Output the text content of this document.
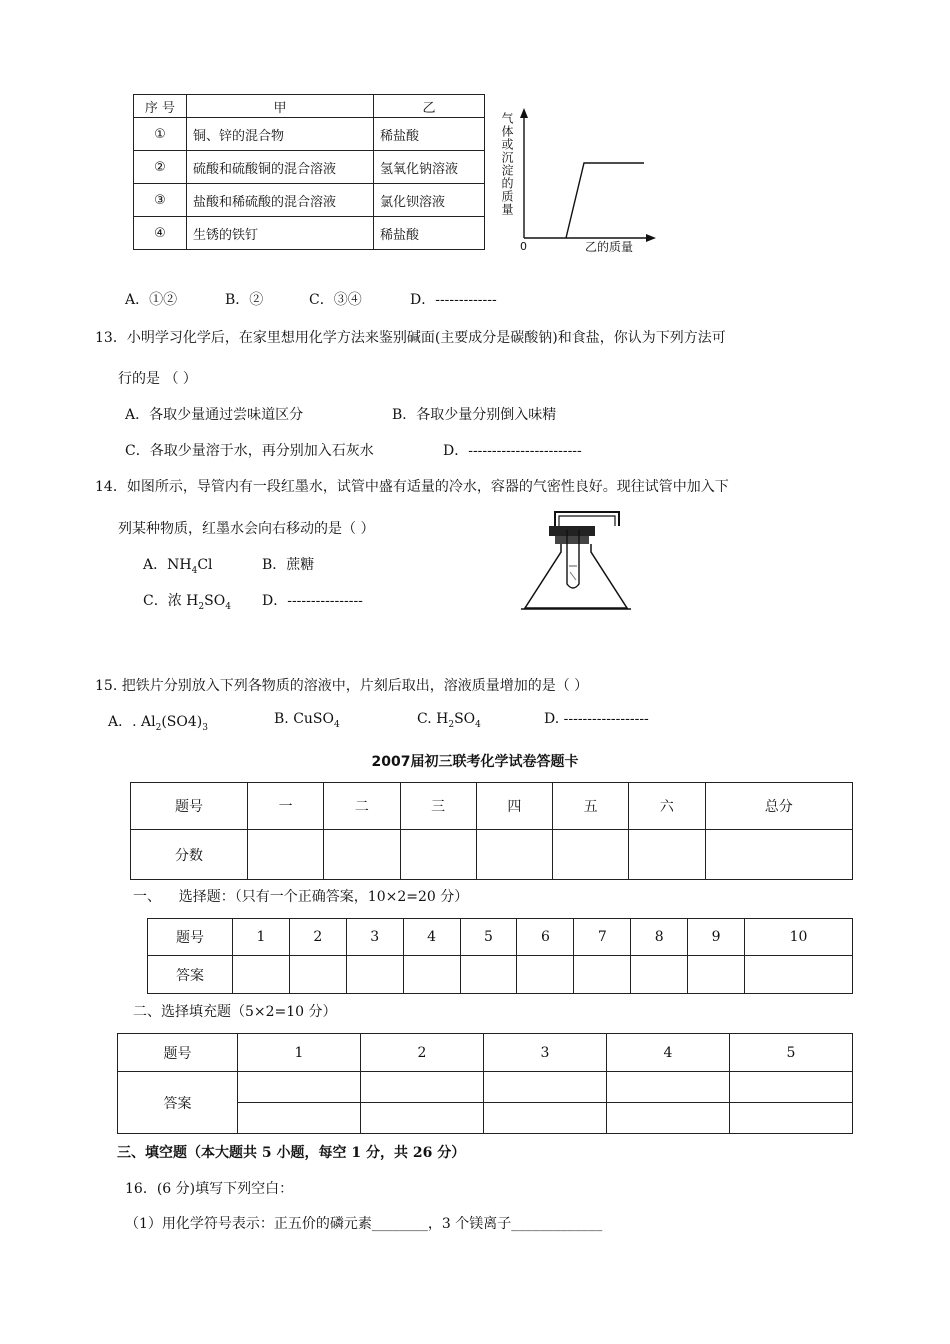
序 号	甲	乙
①	铜、锌的混合物	稀盐酸
②	硫酸和硫酸铜的混合溶液	氢氧化钠溶液
③	盐酸和稀硫酸的混合溶液	氯化钡溶液
④	生锈的铁钉	稀盐酸
气体或沉淀的质量
0	乙的质量
A．①②	B．②	C．③④	D．-------------
13．小明学习化学后，在家里想用化学方法来鉴别碱面(主要成分是碳酸钠)和食盐，你认为下列方法可
行的是 （ ）
A．各取少量通过尝味道区分	B．各取少量分别倒入味精
C．各取少量溶于水，再分别加入石灰水	D．------------------------
14．如图所示，导管内有一段红墨水，试管中盛有适量的冷水，容器的气密性良好。现往试管中加入下
列某种物质，红墨水会向右移动的是（ ）
A．$NH_4Cl$	B．蔗糖
C．浓 $H_2SO_4$ D．----------------
15. 把铁片分别放入下列各物质的溶液中，片刻后取出，溶液质量增加的是（ ）
A．. $Al_2(SO4)_3$
B. CuSO$_4$	C. $H_2SO_4$	D. ------------------
2007届初三联考化学试卷答题卡
题号	一	二	三	四	五	六	总分
分数							
一、    选择题：（只有一个正确答案，10×2=20 分）
题号	1	2	3	4	5	6	7	8	9	10
答案										
二、选择填充题（5×2=10 分）
题号	1	2	3	4	5
答案					

三、填空题（本大题共 5 小题，每空 1 分，共 26 分）
16．(6 分)填写下列空白：
（1）用化学符号表示：正五价的磷元素________，3 个镁离子_____________
